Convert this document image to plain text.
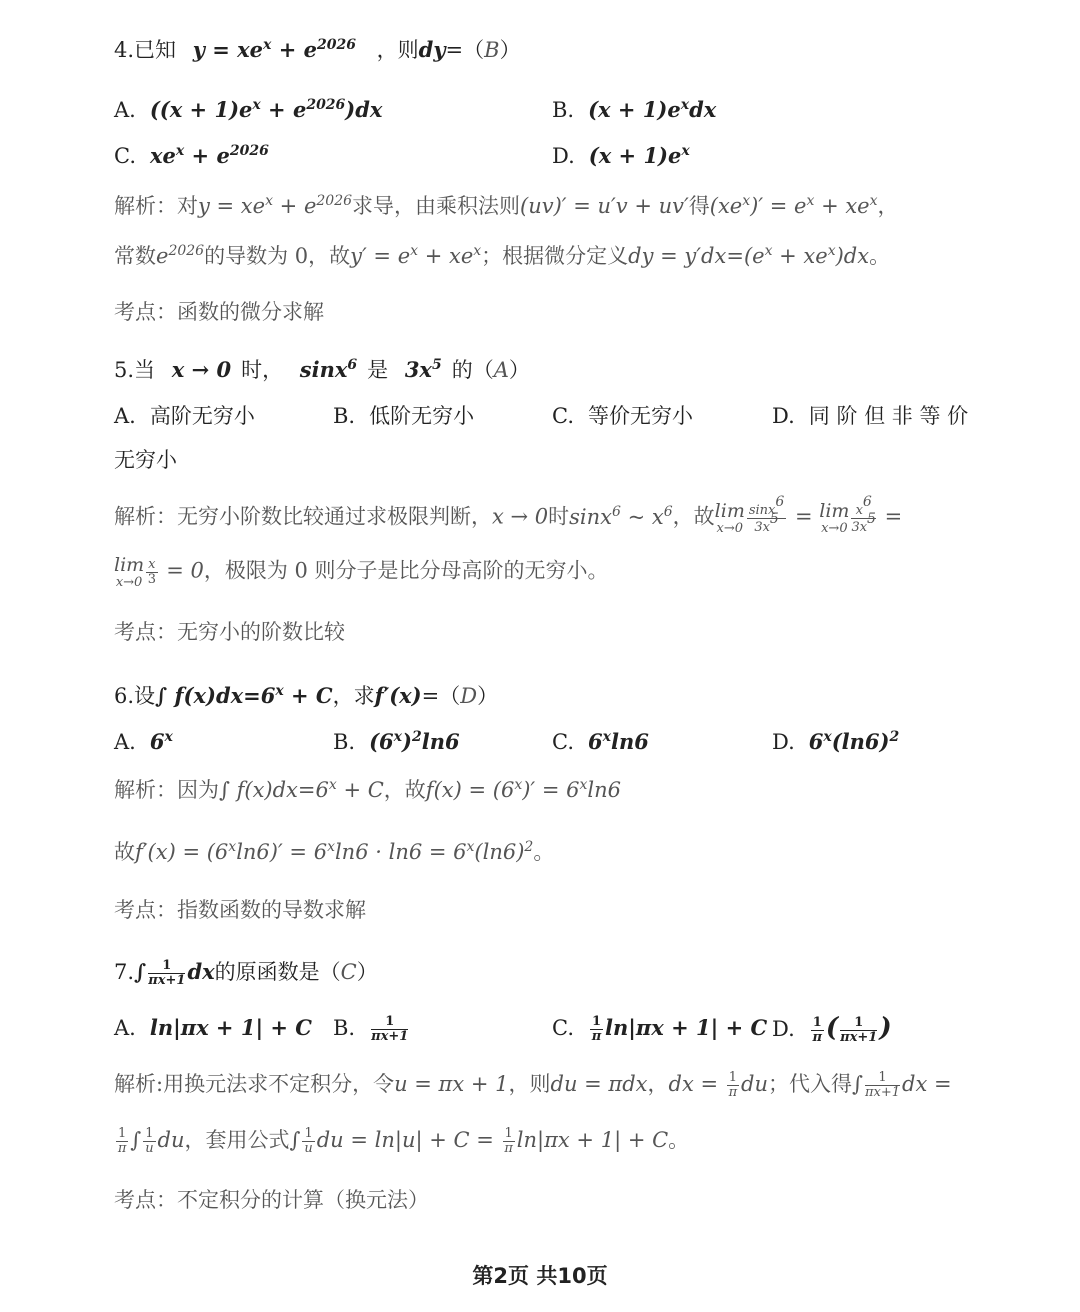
4.已知 $y = xe^x + e^{2026}$ ，则dy=（B）
A. $((x + 1)e^x + e^{2026})dx$	B. $(x + 1)e^xdx$
C. $xe^x + e^{2026}$	D. $(x + 1)e^x$
解析：对$y = xe^x + e^{2026}$求导，由乘积法则(uv)′ = u′v + uv′得$(xe^x)' = e^x + xe^x$，
常数$e^{2026}$的导数为 0，故$y' = e^x + xe^x$；根据微分定义dy = $y'dx=(e^x + xe^x)dx$。
考点：函数的微分求解
5.当 x → 0 时， sinx$^6$ 是 $3x^5$ 的（A）
A. 高阶无穷小	B. 低阶无穷小	C. 等价无穷小	D. 同 阶 但 非 等 价
无穷小
解析：无穷小阶数比较通过求极限判断，x → 0时sinx$^6$ ~ $x^6$，故 lim
$x\to 0 \frac{\sin x^6}{3x^5} = \lim$
$x\to 0 \frac{x^6}{3x^5}$ =
lim
$x\to 0 \frac{x}{3} = 0$，极限为 0 则分子是比分母高阶的无穷小。
考点：无穷小的阶数比较
6.设∫ $f(x)dx=6^x + C$，求f′(x)=（D）
A. 6$^x$	B. $(6^x)^2\ln 6$	C. 6$^x$ln6	D. $6^x(\ln 6)^2$
解析：因为∫ $f(x)dx=6^x + C$，故$f(x) = (6^x)' = 6^x\ln 6$
故$f'(x) = (6^x\ln 6)' = 6^x\ln 6 \cdot \ln 6 = 6^x(\ln 6)^2$。
考点：指数函数的导数求解
$7.\int \frac{1}{\pi x+1}$ dx的原函数是（C）
A. ln|πx + 1| + C B. $\frac{1}{\pi x+1}$	C. $\frac{1}{\pi} \ln|\pi x + 1| + C$ D. $\frac{1}{\pi}$ ( $\frac{1}{\pi x+1}$ )
解析:用换元法求不定积分，令u = πx + 1，则du = πdx，dx = $\frac{1}{\pi}$ du；代入得∫ $\frac{1}{\pi x+1}$ dx =
$\frac{1}{\pi}$ ∫ $\frac{1}{u}$ du，套用公式∫ $\frac{1}{u}$ du = $\ln|u| + C = \frac{1}{\pi} \ln|\pi x + 1| + C$。
考点：不定积分的计算（换元法）
第2页 共10页
